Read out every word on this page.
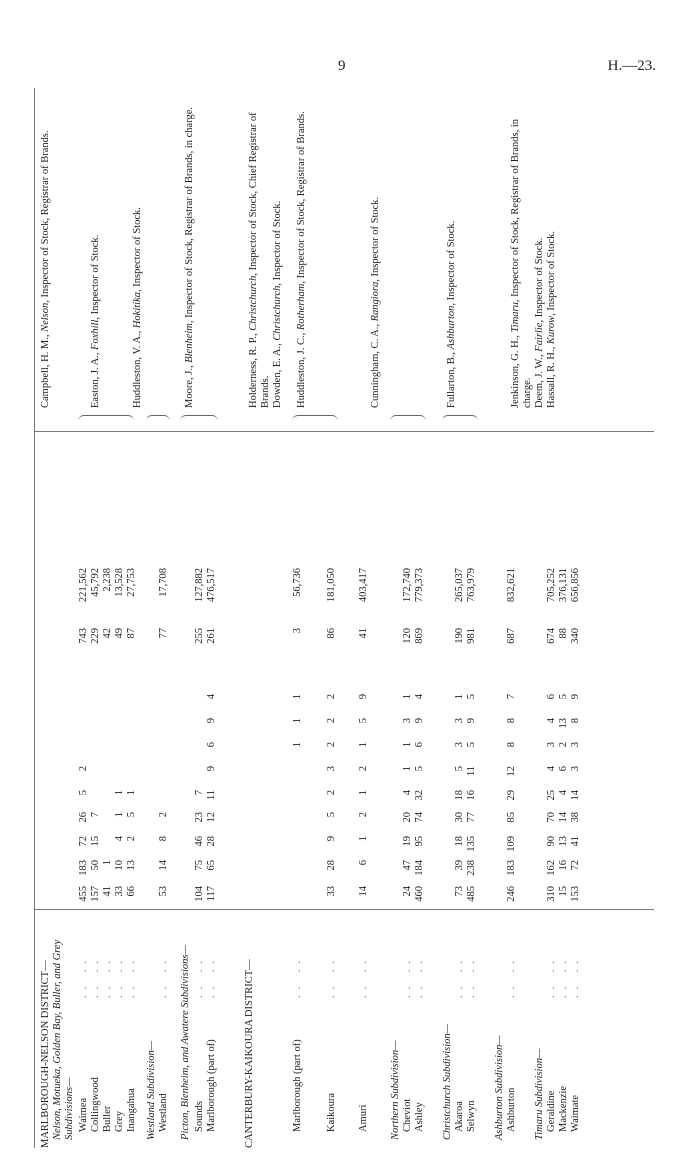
9	H.—23.
MARLBOROUGH-NELSON DISTRICT— Nelson, Motueka, Golden Bay, Buller, and Grey Subdivisions— Waimea
.. ..
455
183
72
26
5
2
743
221,562
Collingwood
.. ..
157
50
15
7
229
45,792
Buller
.. ..
41
1
42
2,238
Grey
.. ..
33
10
4
1
1
49
13,528
Inangahua
.. ..
66
13
2
5
1
87
27,753
Westland Subdivision— Westland
.. ..
53
14
8
2
77
17,708
Picton, Blenheim, and Awatere Subdivisions— Sounds
.. ..
104
75
46
23
7
255
127,882
Marlborough (part of)
.. ..
117
65
28
12
11
9
6
9
4
261
476,517
CANTERBURY-KAIKOURA DISTRICT—	Marlborough (part of)
.. ..
1
1
1
3
56,736
Kaikoura
.. ..
33
28
9
5
2
3
2
2
2
86
181,050
Amuri
.. ..
14
6
1
2
1
2
1
5
9
41
403,417
Northern Subdivision— Cheviot
.. ..
24
47
19
20
4
1
1
3
1
120
172,740
Ashley
.. ..
460
184
95
74
32
5
6
9
4
869
779,373
Christchurch Subdivision— Akaroa
.. ..
73
39
18
30
18
5
3
3
1
190
265,037
Selwyn
.. ..
485
238
135
77
16
11
5
9
5
981
763,979
Ashburton Subdivision— Ashburton
.. ..
246
183
109
85
29
12
8
8
7
687
832,621
Timaru Subdivision— Geraldine
.. ..
310
162
90
70
25
4
3
4
6
674
705,252
Mackenzie
.. ..
15
16
13
14
4
6
2
13
5
88
376,131
Waimate
.. ..
153
72
41
38
14
3
3
8
9
340
656,856
Campbell, H. M., Nelson, Inspector of Stock, Registrar of Brands.
Easton, J. A., Foxhill, Inspector of Stock.
Huddleston, V. A., Hokitika, Inspector of Stock.
Moore, J., Blenheim, Inspector of Stock, Registrar of Brands, in charge.
Holderness, R. P., Christchurch, Inspector of Stock, Chief Registrar of Brands. Dowden, E. A., Christchurch, Inspector of Stock.
Huddleston, J. C., Rotherham, Inspector of Stock, Registrar of Brands.
Cunningham, C. A., Rangiora, Inspector of Stock.
Fullarton, B., Ashburton, Inspector of Stock.
Jenkinson, G. H., Timaru, Inspector of Stock, Registrar of Brands, in charge. Deem, J. W., Fairlie, Inspector of Stock.
Hassall, R. H., Kurow, Inspector of Stock.
